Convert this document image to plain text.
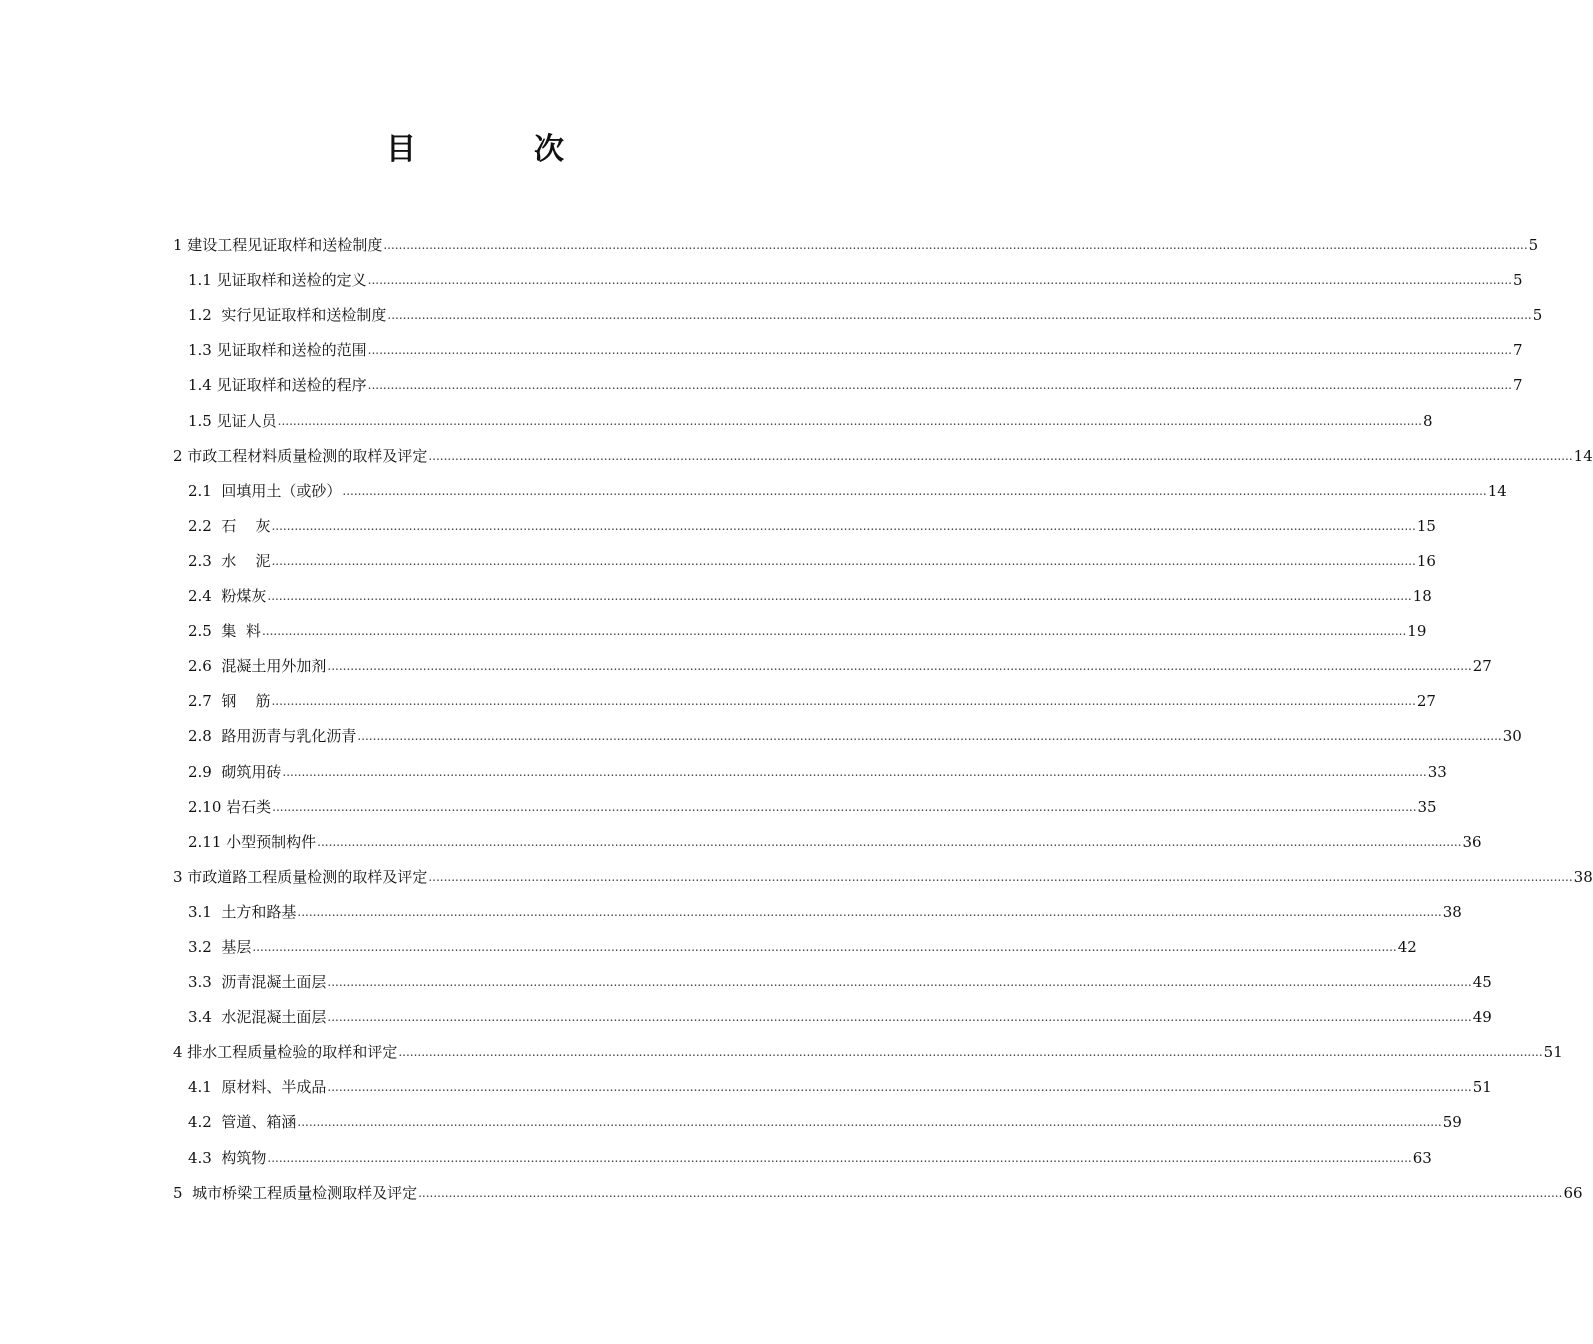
目　次
1 建设工程见证取样和送检制度 ............................................................................................................................................................................................................................................................................................................ 5
1.1 见证取样和送检的定义 ............................................................................................................................................................................................................................................................................................................ 5
1.2  实行见证取样和送检制度 ............................................................................................................................................................................................................................................................................................................ 5
1.3 见证取样和送检的范围 ............................................................................................................................................................................................................................................................................................................ 7
1.4 见证取样和送检的程序 ............................................................................................................................................................................................................................................................................................................ 7
1.5 见证人员 ............................................................................................................................................................................................................................................................................................................ 8
2 市政工程材料质量检测的取样及评定 ............................................................................................................................................................................................................................................................................................................ 14
2.1  回填用土（或砂） ............................................................................................................................................................................................................................................................................................................ 14
2.2  石    灰 ............................................................................................................................................................................................................................................................................................................ 15
2.3  水    泥 ............................................................................................................................................................................................................................................................................................................ 16
2.4  粉煤灰 ............................................................................................................................................................................................................................................................................................................ 18
2.5  集  料 ............................................................................................................................................................................................................................................................................................................ 19
2.6  混凝土用外加剂 ............................................................................................................................................................................................................................................................................................................ 27
2.7  钢    筋 ............................................................................................................................................................................................................................................................................................................ 27
2.8  路用沥青与乳化沥青 ............................................................................................................................................................................................................................................................................................................ 30
2.9  砌筑用砖 ............................................................................................................................................................................................................................................................................................................ 33
2.10 岩石类 ............................................................................................................................................................................................................................................................................................................ 35
2.11 小型预制构件 ............................................................................................................................................................................................................................................................................................................ 36
3 市政道路工程质量检测的取样及评定 ............................................................................................................................................................................................................................................................................................................ 38
3.1  土方和路基 ............................................................................................................................................................................................................................................................................................................ 38
3.2  基层 ............................................................................................................................................................................................................................................................................................................ 42
3.3  沥青混凝土面层 ............................................................................................................................................................................................................................................................................................................ 45
3.4  水泥混凝土面层 ............................................................................................................................................................................................................................................................................................................ 49
4 排水工程质量检验的取样和评定 ............................................................................................................................................................................................................................................................................................................ 51
4.1  原材料、半成品 ............................................................................................................................................................................................................................................................................................................ 51
4.2  管道、箱涵 ............................................................................................................................................................................................................................................................................................................ 59
4.3  构筑物 ............................................................................................................................................................................................................................................................................................................ 63
5  城市桥梁工程质量检测取样及评定 ............................................................................................................................................................................................................................................................................................................ 66
